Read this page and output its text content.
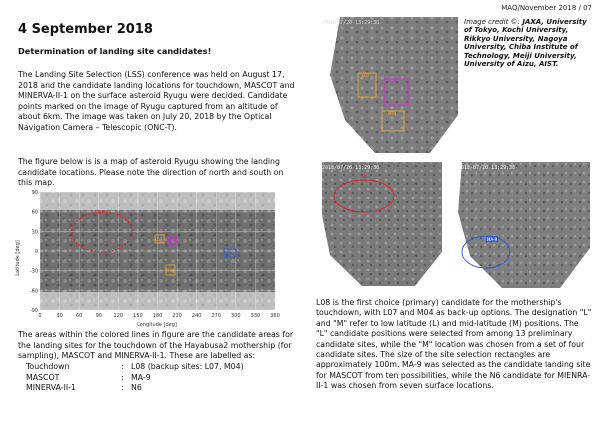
MAQ/November 2018 / 07
4 September 2018
Determination of landing site candidates!
The Landing Site Selection (LSS) conference was held on August 17, 2018 and the candidate landing locations for touchdown, MASCOT and MINERVA-II-1 on the surface asteroid Ryugu were decided. Candidate points marked on the image of Ryugu captured from an altitude of about 6km. The image was taken on July 20, 2018 by the Optical Navigation Camera – Telescopic (ONC-T).
The figure below is is a map of asteroid Ryugu showing the landing candidate locations. Please note the direction of north and south on this map.
N6
L07 L08
M04
MA9
90
60
30
0
-30
-60
-90
0	30	60	90 120 150 180 210 240 270 300 330 360
Latitude [deg]
Longitude [deg]
The areas within the colored lines in figure are the candidate areas for the landing sites for the touchdown of the Hayabusa2 mothership (for sampling), MASCOT and MINERVA-II-1. These are labelled as:
Touchdown	: L08 (backup sites: L07, M04)
MASCOT	: MA-9
MINERVA-II-1	: N6
2018/07/20 13:29:36
L07
L08
M04
Image credit ©: JAXA, University of Tokyo, Kochi University, Rikkyo University, Nagoya University, Chiba Institute of Technology, Meiji University, University of Aizu, AIST.
2018/07/20 13:29:36
N6
2018/07/20 13:29:36
MA-9
L08 is the first choice (primary) candidate for the mothership's touchdown, with L07 and M04 as back-up options. The designation "L" and "M" refer to low latitude (L) and mid-latitude (M) positions. The "L" candidate positions were selected from among 13 preliminary candidate sites, while the "M" location was chosen from a set of four candidate sites. The size of the site selection rectangles are approximately 100m. MA-9 was selected as the candidate landing site for MASCOT from ten possibilities, while the N6 candidate for MIENRA-II-1 was chosen from seven surface locations.
